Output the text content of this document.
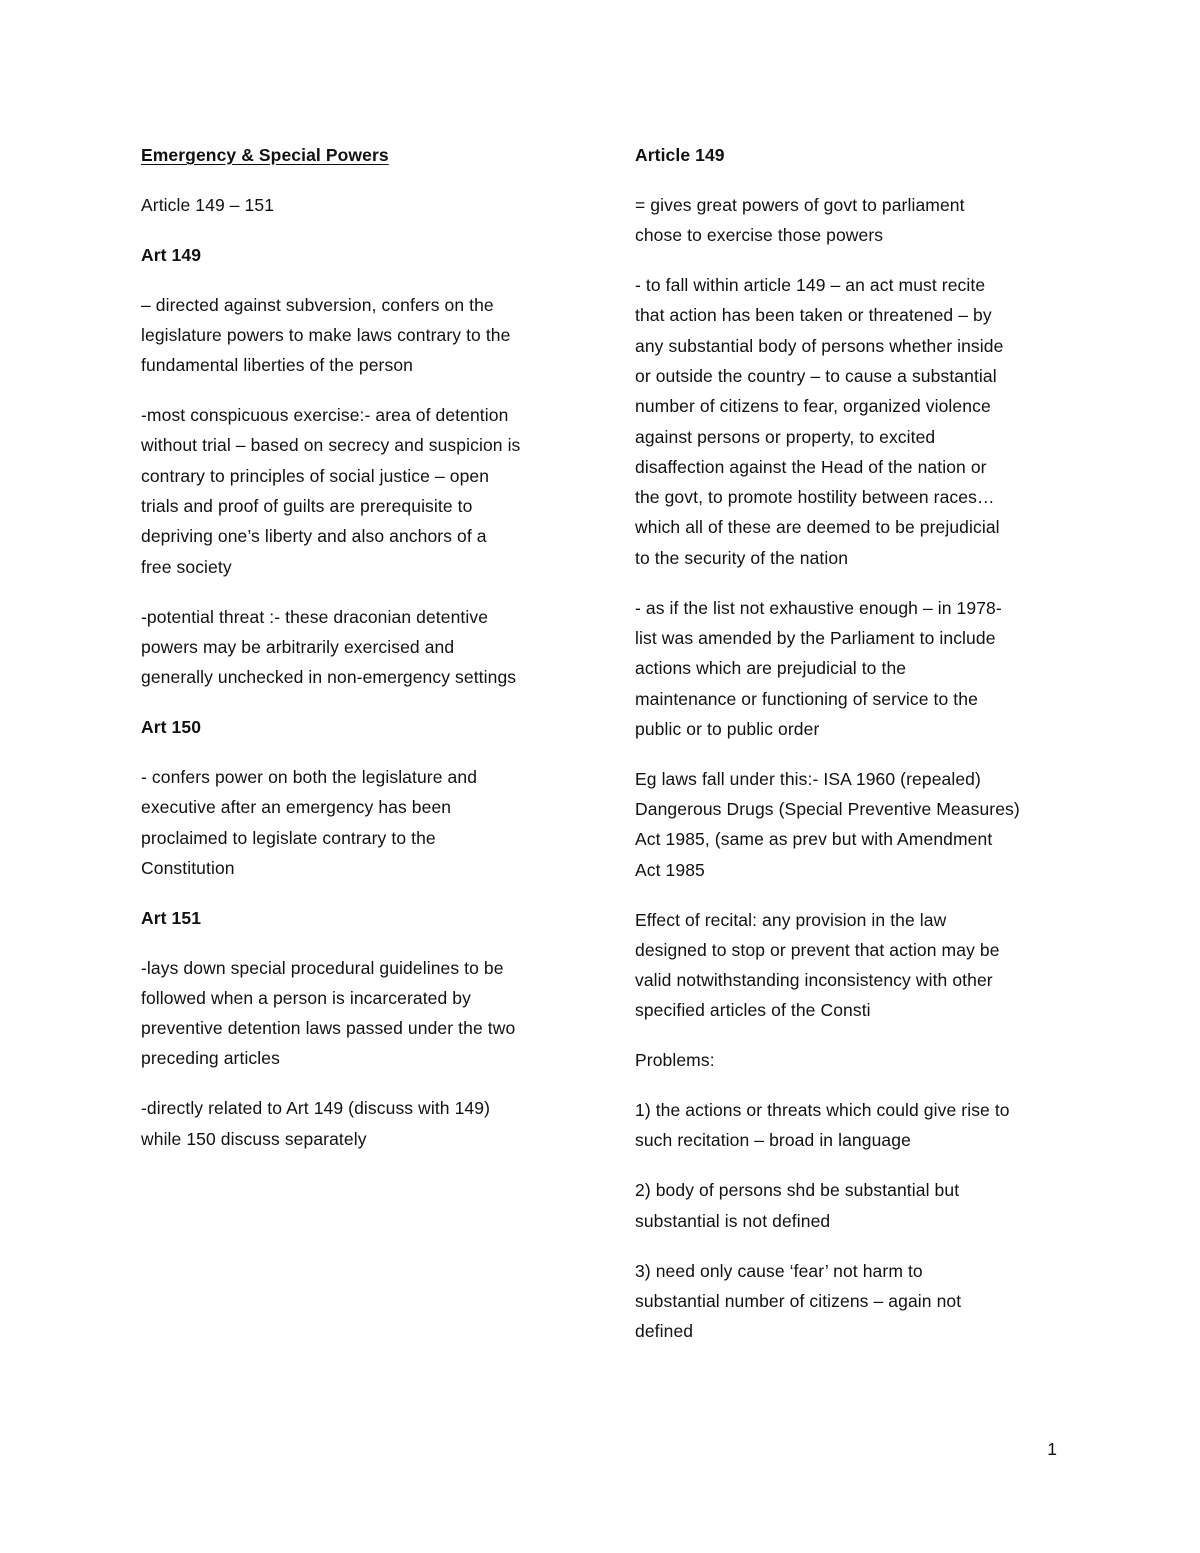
Emergency & Special Powers
Article 149 – 151
Art 149
– directed against subversion, confers on the
legislature powers to make laws contrary to the
fundamental liberties of the person
-most conspicuous exercise:- area of detention
without trial – based on secrecy and suspicion is
contrary to principles of social justice – open
trials and proof of guilts are prerequisite to
depriving one’s liberty and also anchors of a
free society
-potential threat :- these draconian detentive
powers may be arbitrarily exercised and
generally unchecked in non-emergency settings
Art 150
- confers power on both the legislature and
executive after an emergency has been
proclaimed to legislate contrary to the
Constitution
Art 151
-lays down special procedural guidelines to be
followed when a person is incarcerated by
preventive detention laws passed under the two
preceding articles
-directly related to Art 149 (discuss with 149)
while 150 discuss separately
Article 149
= gives great powers of govt to parliament
chose to exercise those powers
- to fall within article 149 – an act must recite
that action has been taken or threatened – by
any substantial body of persons whether inside
or outside the country – to cause a substantial
number of citizens to fear, organized violence
against persons or property, to excited
disaffection against the Head of the nation or
the govt, to promote hostility between races…
which all of these are deemed to be prejudicial
to the security of the nation
- as if the list not exhaustive enough – in 1978-
list was amended by the Parliament to include
actions which are prejudicial to the
maintenance or functioning of service to the
public or to public order
Eg laws fall under this:- ISA 1960 (repealed)
Dangerous Drugs (Special Preventive Measures)
Act 1985, (same as prev but with Amendment
Act 1985
Effect of recital: any provision in the law
designed to stop or prevent that action may be
valid notwithstanding inconsistency with other
specified articles of the Consti
Problems:
1) the actions or threats which could give rise to
such recitation – broad in language
2) body of persons shd be substantial but
substantial is not defined
3) need only cause ‘fear’ not harm to
substantial number of citizens – again not
defined
1
